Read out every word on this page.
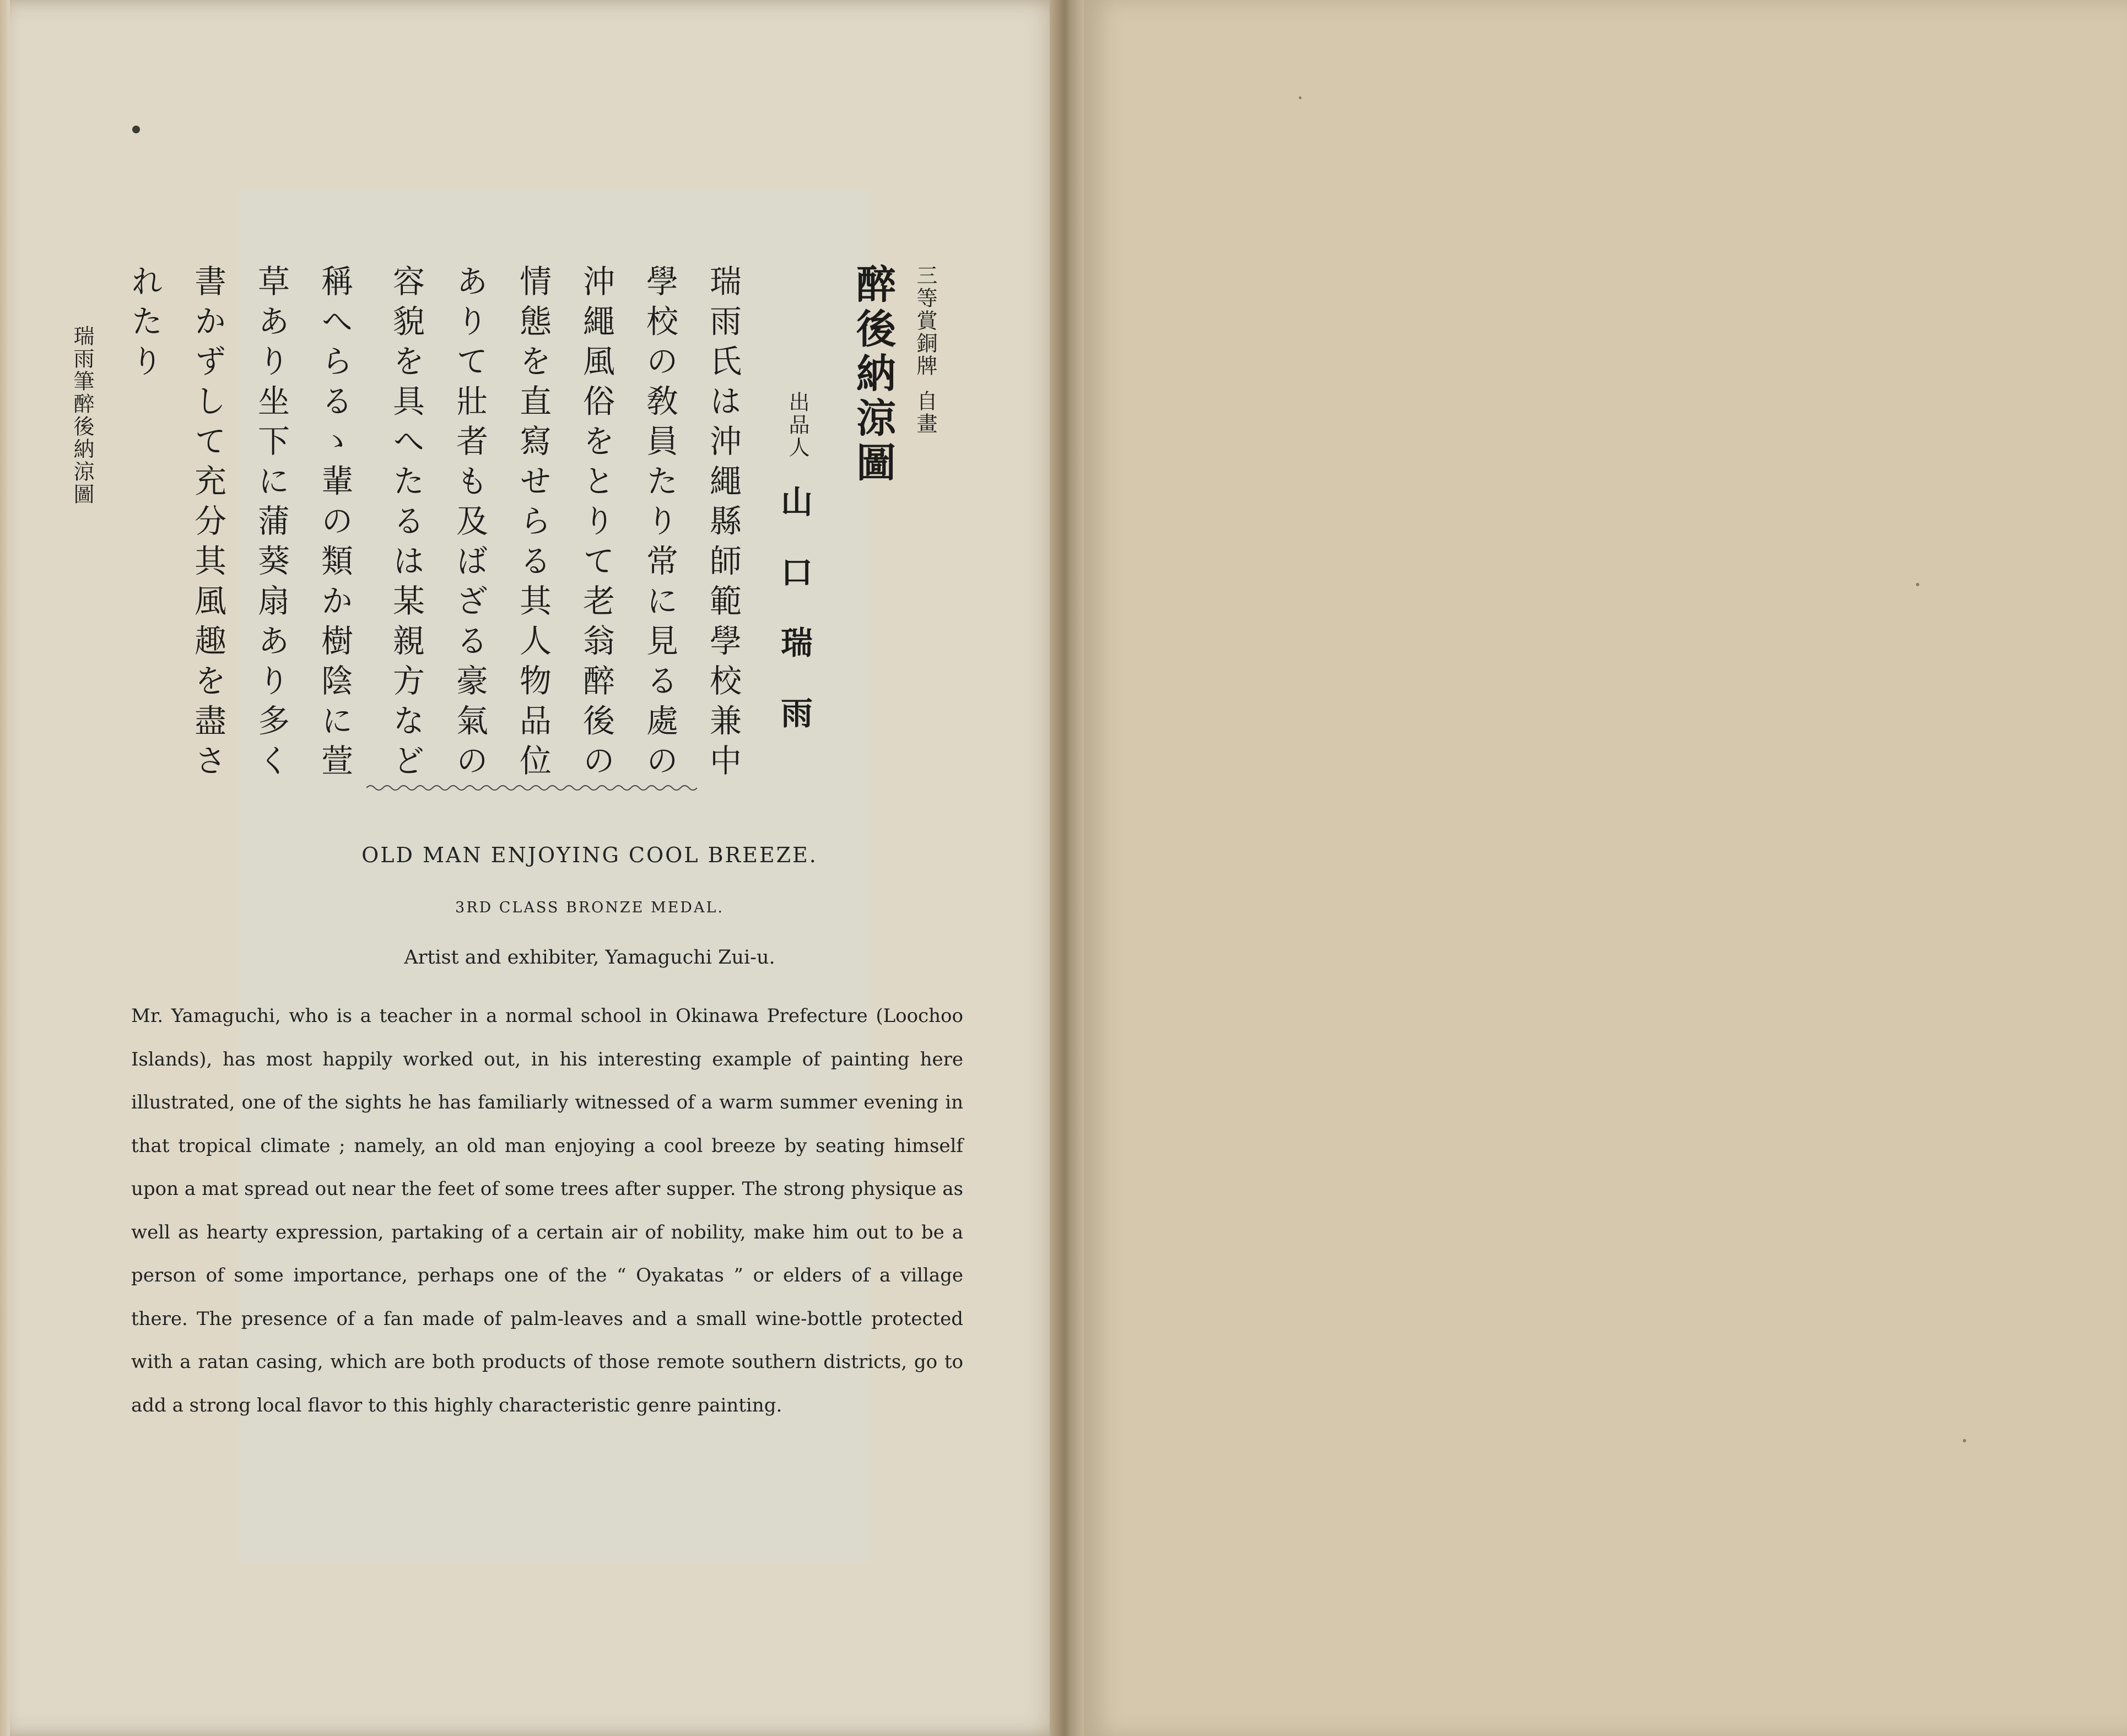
三等賞銅牌
自畫
醉後納涼圖
出品人
山口瑞雨
瑞雨氏は沖繩縣師範學校兼中
學校の敎員たり常に見る處の
沖繩風俗をとりて老翁醉後の
情態を直寫せらる其人物品位
ありて壯者も及ばざる豪氣の
容貌を具へたるは某親方など
稱へらるゝ輩の類か樹陰に萱
草あり坐下に蒲葵扇あり多く
書かずして充分其風趣を盡さ
れたり
瑞雨筆醉後納涼圖
OLD MAN ENJOYING COOL BREEZE.
3RD CLASS BRONZE MEDAL.
Artist and exhibiter, Yamaguchi Zui-u.

Mr. Yamaguchi, who is a teacher in a normal school in Okinawa Prefecture (Loochoo Islands), has most happily worked out, in his interesting example of painting here illustrated, one of the sights he has familiarly witnessed of a warm summer evening in that tropical climate ; namely, an old man enjoying a cool breeze by seating himself upon a mat spread out near the feet of some trees after supper. The strong physique as well as hearty expression, partaking of a certain air of nobility, make him out to be a person of some importance, perhaps one of the “ Oyakatas ” or elders of a village there. The presence of a fan made of palm-leaves and a small wine-bottle protected with a ratan casing, which are both products of those remote southern districts, go to add a strong local flavor to this highly characteristic genre painting.
